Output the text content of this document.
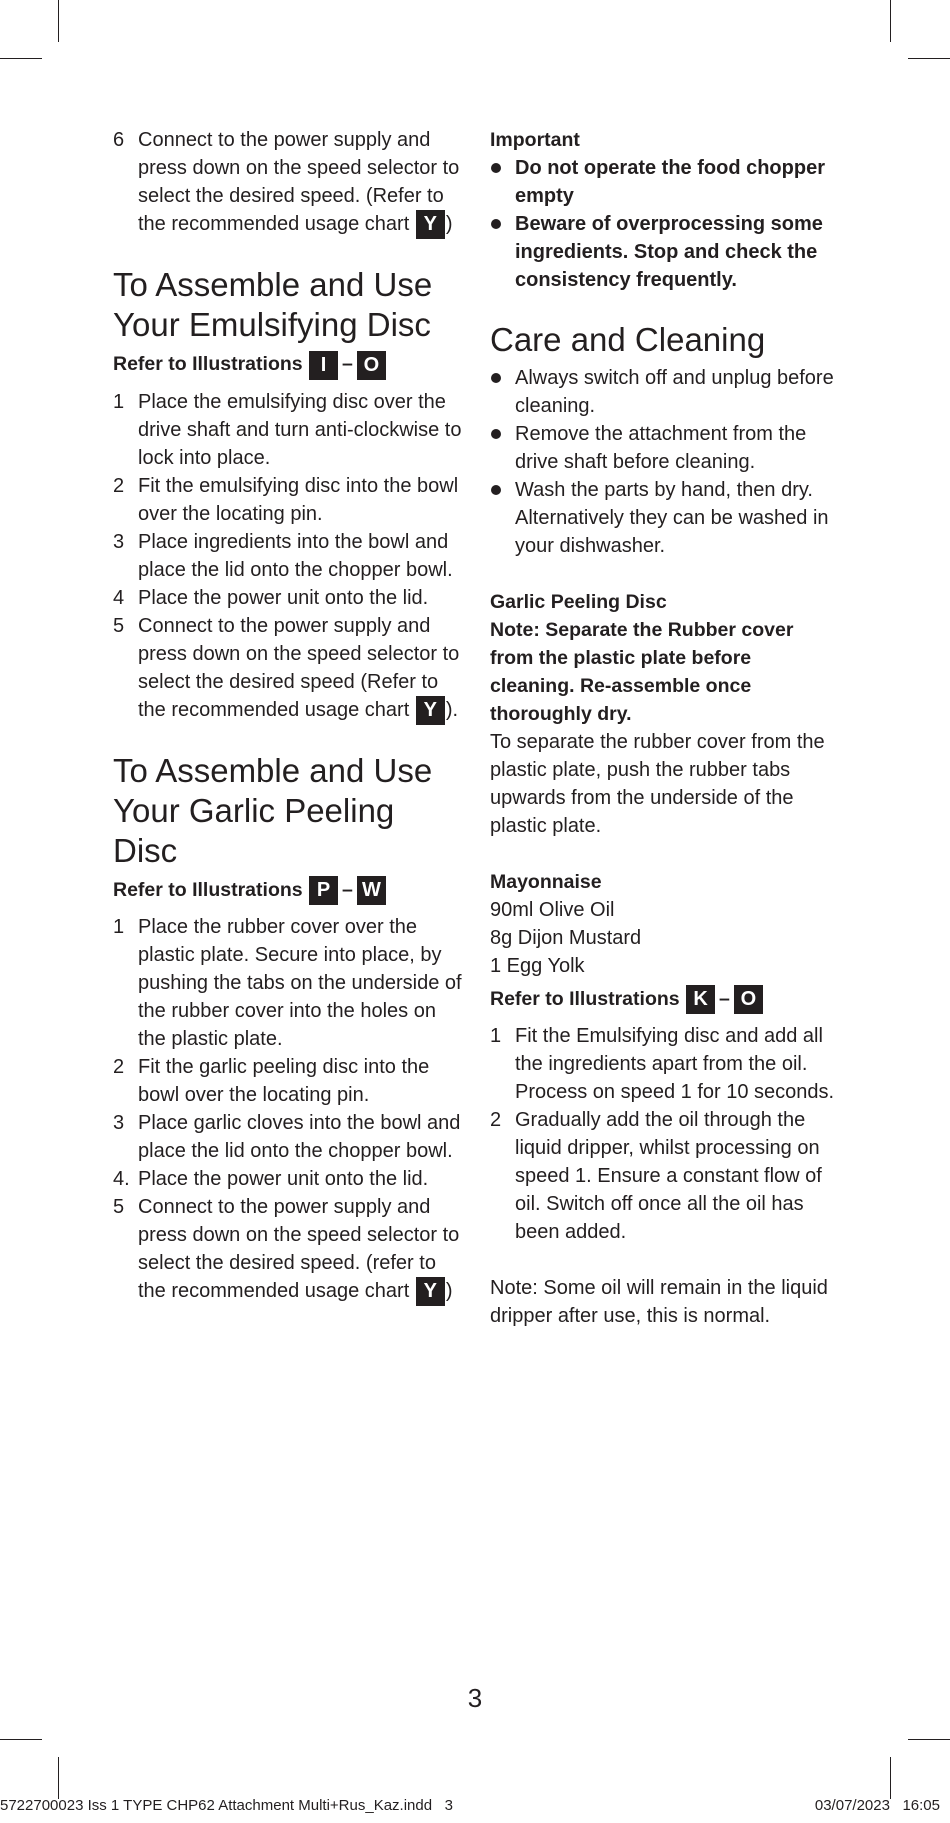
6 Connect to the power supply and press down on the speed selector to select the desired speed. (Refer to the recommended usage chart Y )
To Assemble and Use Your Emulsifying Disc

Refer to Illustrations I – O

1 Place the emulsifying disc over the drive shaft and turn anti-clockwise to lock into place.
2 Fit the emulsifying disc into the bowl over the locating pin.
3 Place ingredients into the bowl and place the lid onto the chopper bowl.
4 Place the power unit onto the lid.
5 Connect to the power supply and press down on the speed selector to select the desired speed (Refer to the recommended usage chart Y ).
To Assemble and Use Your Garlic Peeling Disc

Refer to Illustrations P – W

1 Place the rubber cover over the plastic plate. Secure into place, by pushing the tabs on the underside of the rubber cover into the holes on the plastic plate.
2 Fit the garlic peeling disc into the bowl over the locating pin.
3 Place garlic cloves into the bowl and place the lid onto the chopper bowl.
4. Place the power unit onto the lid.
5 Connect to the power supply and press down on the speed selector to select the desired speed. (refer to the recommended usage chart Y )

Important

Do not operate the food chopper empty
Beware of overprocessing some ingredients. Stop and check the consistency frequently.
Care and Cleaning
Always switch off and unplug before cleaning.
Remove the attachment from the drive shaft before cleaning.
Wash the parts by hand, then dry. Alternatively they can be washed in your dishwasher.

Garlic Peeling Disc

Note: Separate the Rubber cover from the plastic plate before cleaning. Re-assemble once thoroughly dry.

To separate the rubber cover from the plastic plate, push the rubber tabs upwards from the underside of the plastic plate.

Mayonnaise

90ml Olive Oil

8g Dijon Mustard

1 Egg Yolk

Refer to Illustrations K – O

1 Fit the Emulsifying disc and add all the ingredients apart from the oil. Process on speed 1 for 10 seconds.
2 Gradually add the oil through the liquid dripper, whilst processing on speed 1. Ensure a constant flow of oil. Switch off once all the oil has been added.

Note: Some oil will remain in the liquid dripper after use, this is normal.

3
5722700023 Iss 1 TYPE CHP62 Attachment Multi+Rus_Kaz.indd   3	03/07/2023   16:05
